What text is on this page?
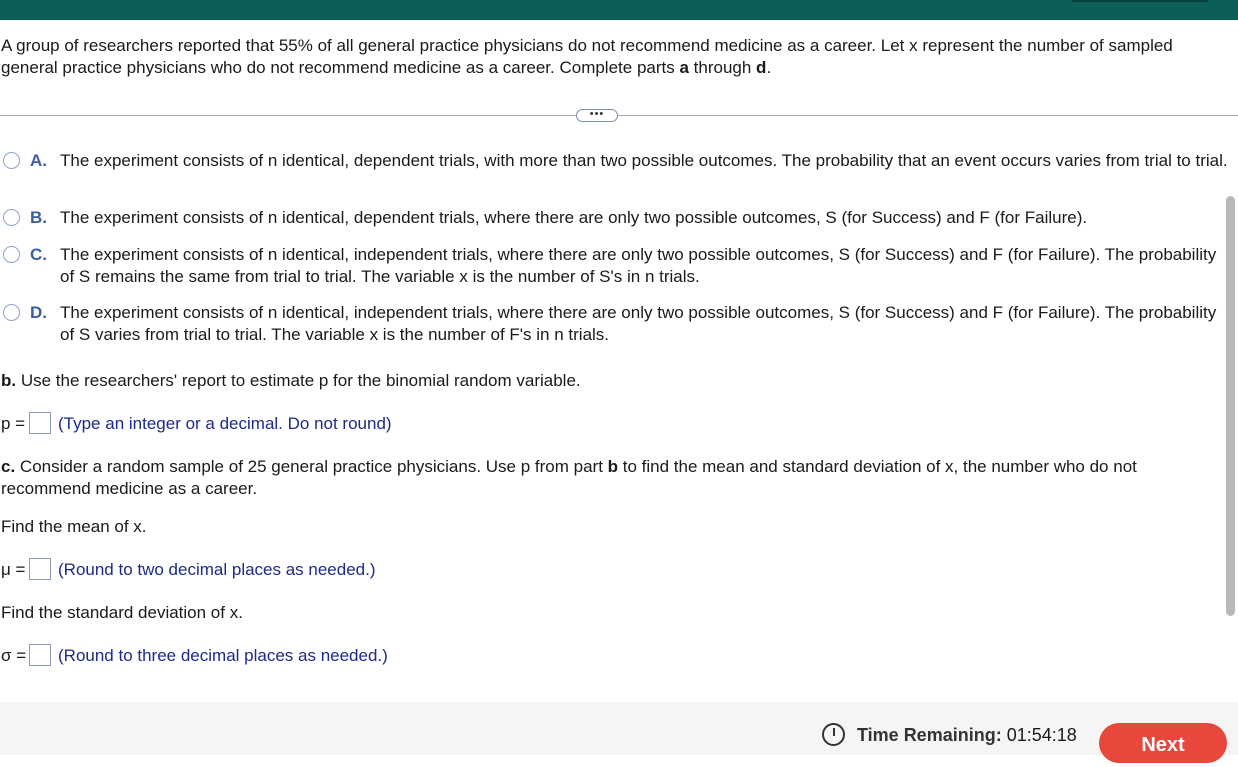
A group of researchers reported that 55% of all general practice physicians do not recommend medicine as a career. Let x represent the number of sampled general practice physicians who do not recommend medicine as a career. Complete parts a through d.
•••
A. The experiment consists of n identical, dependent trials, with more than two possible outcomes. The probability that an event occurs varies from trial to trial.
B. The experiment consists of n identical, dependent trials, where there are only two possible outcomes, S (for Success) and F (for Failure).
C. The experiment consists of n identical, independent trials, where there are only two possible outcomes, S (for Success) and F (for Failure). The probability of S remains the same from trial to trial. The variable x is the number of S's in n trials.
D. The experiment consists of n identical, independent trials, where there are only two possible outcomes, S (for Success) and F (for Failure). The probability of S varies from trial to trial. The variable x is the number of F's in n trials.
b. Use the researchers' report to estimate p for the binomial random variable.
p = (Type an integer or a decimal. Do not round)
c. Consider a random sample of 25 general practice physicians. Use p from part b to find the mean and standard deviation of x, the number who do not recommend medicine as a career.
Find the mean of x.
μ = (Round to two decimal places as needed.)
Find the standard deviation of x.
σ = (Round to three decimal places as needed.)
Time Remaining: 01:54:18	Next
